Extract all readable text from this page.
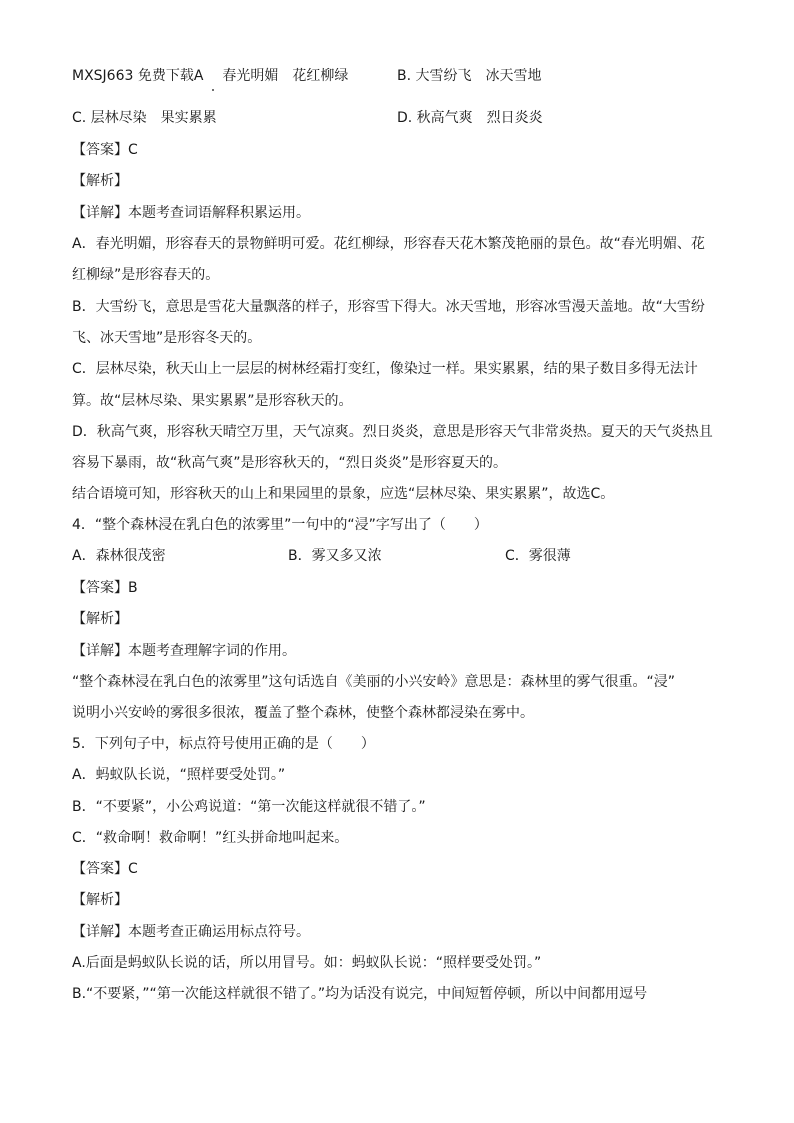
MXSJ663 免费下载A 春光明媚　花红柳绿	B. 大雪纷飞　冰天雪地
C. 层林尽染　果实累累	D. 秋高气爽　烈日炎炎
【答案】C
【解析】
【详解】本题考查词语解释积累运用。
A．春光明媚，形容春天的景物鲜明可爱。花红柳绿，形容春天花木繁茂艳丽的景色。故“春光明媚、花
红柳绿”是形容春天的。
B．大雪纷飞，意思是雪花大量飘落的样子，形容雪下得大。冰天雪地，形容冰雪漫天盖地。故“大雪纷
飞、冰天雪地”是形容冬天的。
C．层林尽染，秋天山上一层层的树林经霜打变红，像染过一样。果实累累，结的果子数目多得无法计
算。故“层林尽染、果实累累”是形容秋天的。
D．秋高气爽，形容秋天晴空万里，天气凉爽。烈日炎炎，意思是形容天气非常炎热。夏天的天气炎热且
容易下暴雨，故“秋高气爽”是形容秋天的，“烈日炎炎”是形容夏天的。
结合语境可知，形容秋天的山上和果园里的景象，应选“层林尽染、果实累累”，故选C。
4．“整个森林浸在乳白色的浓雾里”一句中的“浸”字写出了（　　）
A．森林很茂密	B．雾又多又浓	C．雾很薄
【答案】B
【解析】
【详解】本题考查理解字词的作用。
“整个森林浸在乳白色的浓雾里”这句话选自《美丽的小兴安岭》意思是：森林里的雾气很重。“浸”
说明小兴安岭的雾很多很浓，覆盖了整个森林，使整个森林都浸染在雾中。
5．下列句子中，标点符号使用正确的是（　　）
A．蚂蚁队长说，“照样要受处罚。”
B．“不要紧”，小公鸡说道：“第一次能这样就很不错了。”
C．“救命啊！救命啊！”红头拼命地叫起来。
【答案】C
【解析】
【详解】本题考查正确运用标点符号。
A.后面是蚂蚁队长说的话，所以用冒号。如：蚂蚁队长说：“照样要受处罚。”
B.“不要紧，”“第一次能这样就很不错了。”均为话没有说完，中间短暂停顿，所以中间都用逗号
